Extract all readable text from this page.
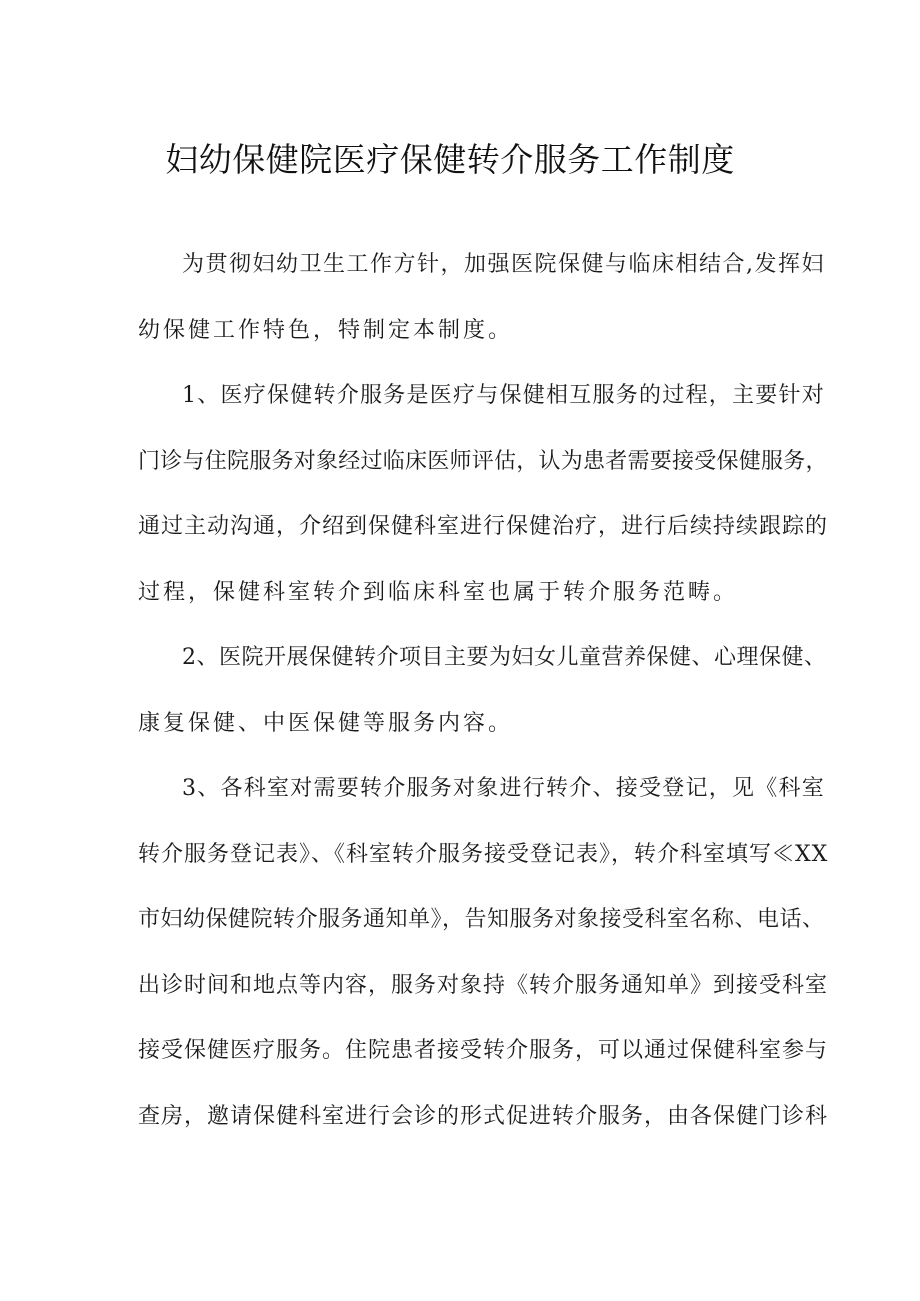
妇幼保健院医疗保健转介服务工作制度
为贯彻妇幼卫生工作方针，加强医院保健与临床相结合,发挥妇
幼保健工作特色，特制定本制度。
1、医疗保健转介服务是医疗与保健相互服务的过程，主要针对
门诊与住院服务对象经过临床医师评估，认为患者需要接受保健服务，
通过主动沟通，介绍到保健科室进行保健治疗，进行后续持续跟踪的
过程，保健科室转介到临床科室也属于转介服务范畴。
2、医院开展保健转介项目主要为妇女儿童营养保健、心理保健、
康复保健、中医保健等服务内容。
3、各科室对需要转介服务对象进行转介、接受登记，见《科室
转介服务登记表》、《科室转介服务接受登记表》，转介科室填写≪XX
市妇幼保健院转介服务通知单》，告知服务对象接受科室名称、电话、
出诊时间和地点等内容，服务对象持《转介服务通知单》到接受科室
接受保健医疗服务。住院患者接受转介服务，可以通过保健科室参与
查房，邀请保健科室进行会诊的形式促进转介服务，由各保健门诊科
